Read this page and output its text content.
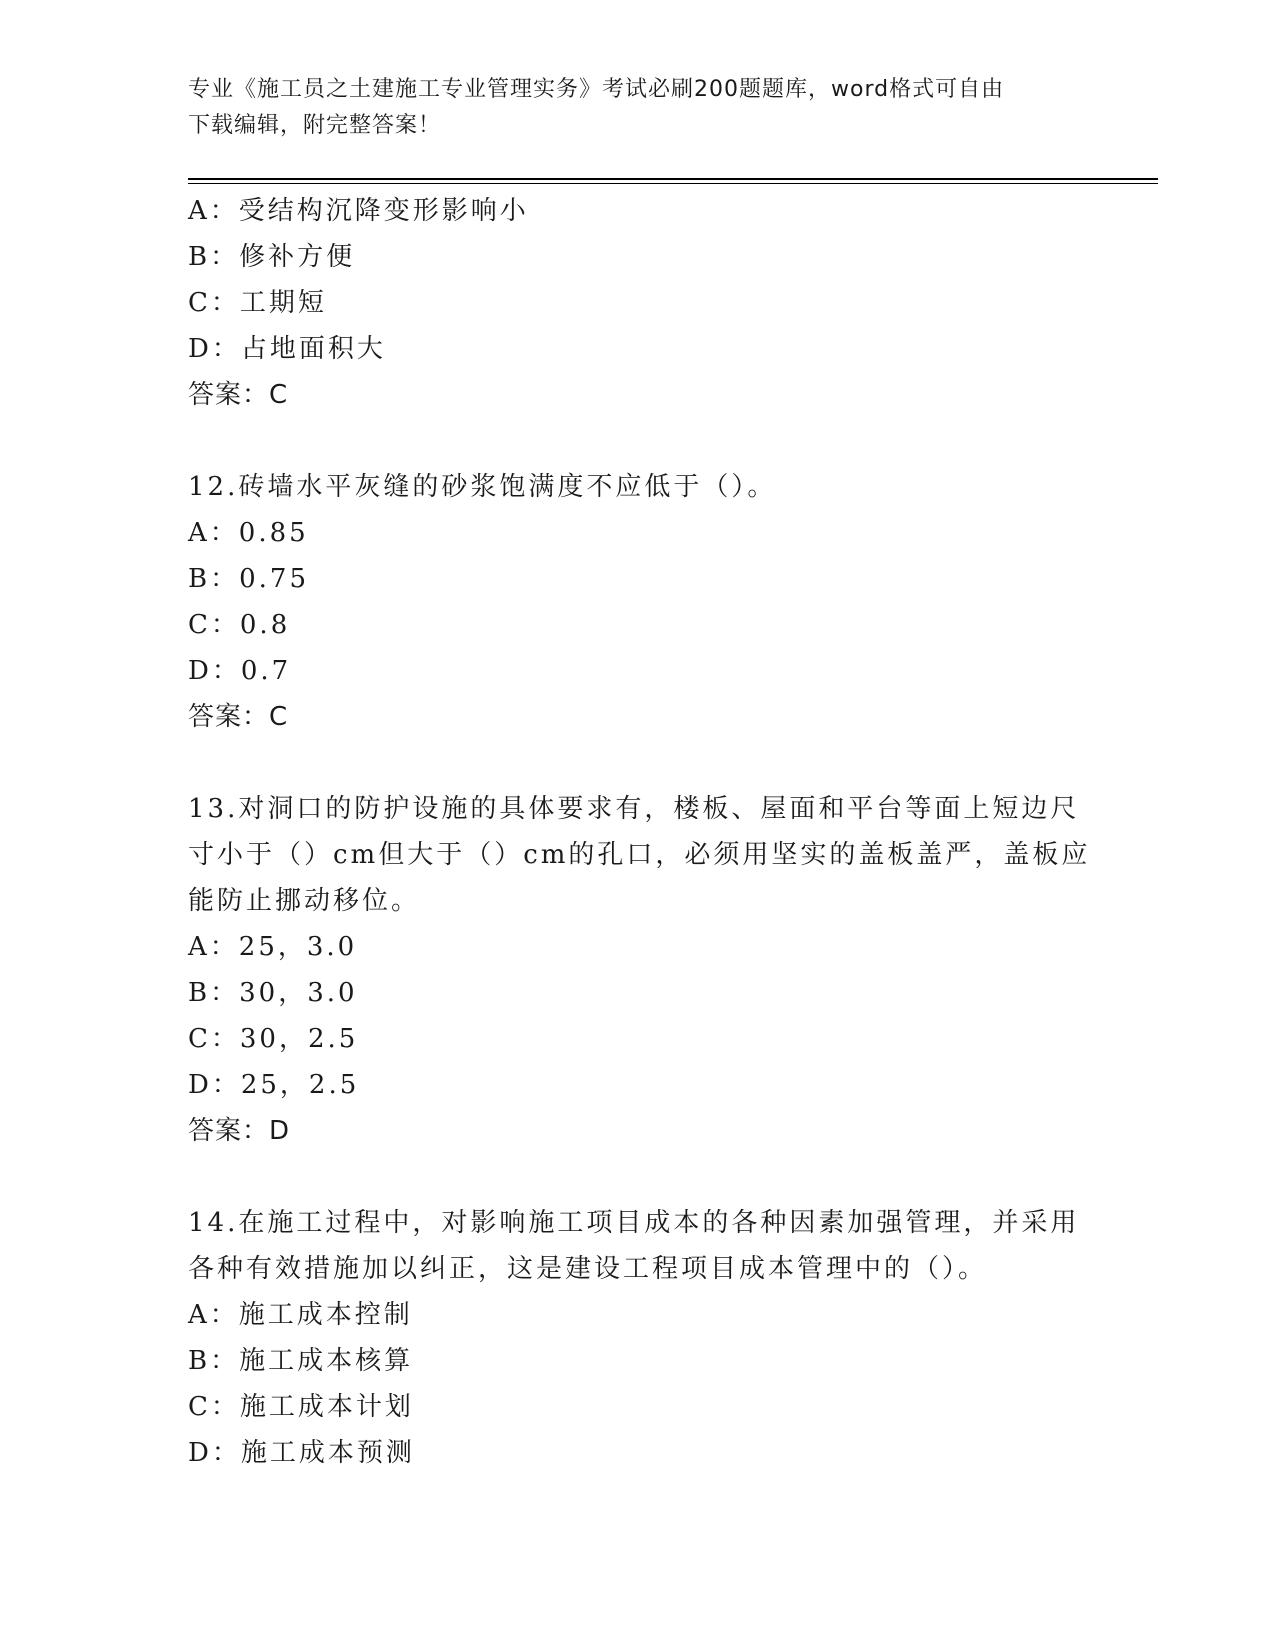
专业《施工员之土建施工专业管理实务》考试必刷200题题库，word格式可自由
下载编辑，附完整答案！
A：受结构沉降变形影响小
B：修补方便
C：工期短
D：占地面积大
答案：C
12.砖墙水平灰缝的砂浆饱满度不应低于（）。
A：0.85
B：0.75
C：0.8
D：0.7
答案：C
13.对洞口的防护设施的具体要求有，楼板、屋面和平台等面上短边尺
寸小于（）cm但大于（）cm的孔口，必须用坚实的盖板盖严，盖板应
能防止挪动移位。
A：25，3.0
B：30，3.0
C：30，2.5
D：25，2.5
答案：D
14.在施工过程中，对影响施工项目成本的各种因素加强管理，并采用
各种有效措施加以纠正，这是建设工程项目成本管理中的（）。
A：施工成本控制
B：施工成本核算
C：施工成本计划
D：施工成本预测
